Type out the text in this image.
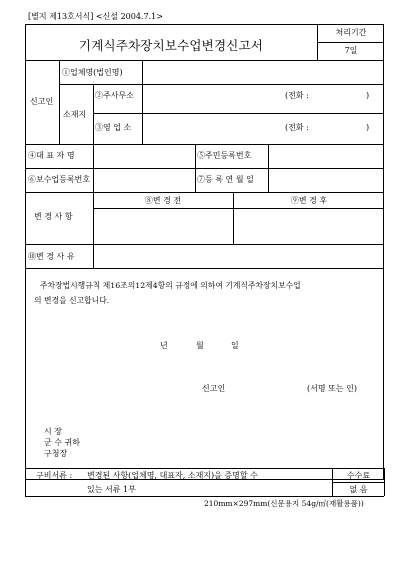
[별지 제13호서식] <신설 2004.7.1>
기계식주차장치보수업변경신고서
처리기간
7일
신고인
①업체명(법인명)
소재지
②주사무소	(전화 :	)
③영 업 소	(전화 :	)
④대 표 자 명	⑤주민등록번호
⑥보수업등록번호	⑦등 록 연 월 일
변 경 사 항
⑧변 경 전	⑨변 경 후
⑩변 경 사 유
주차장법시행규칙 제16조의12제4항의 규정에 의하여 기계식주차장치보수업
의 변경을 신고합니다.
년	월	일
신고인	(서명 또는 인)
시 장
군 수 귀하
구청장
구비서류 : 변경된 사항(업체명, 대표자, 소재지)을 증명할 수
있는 서류 1부
수수료
없 음
210mm×297mm(신문용지 54g/㎡(재활용품))
